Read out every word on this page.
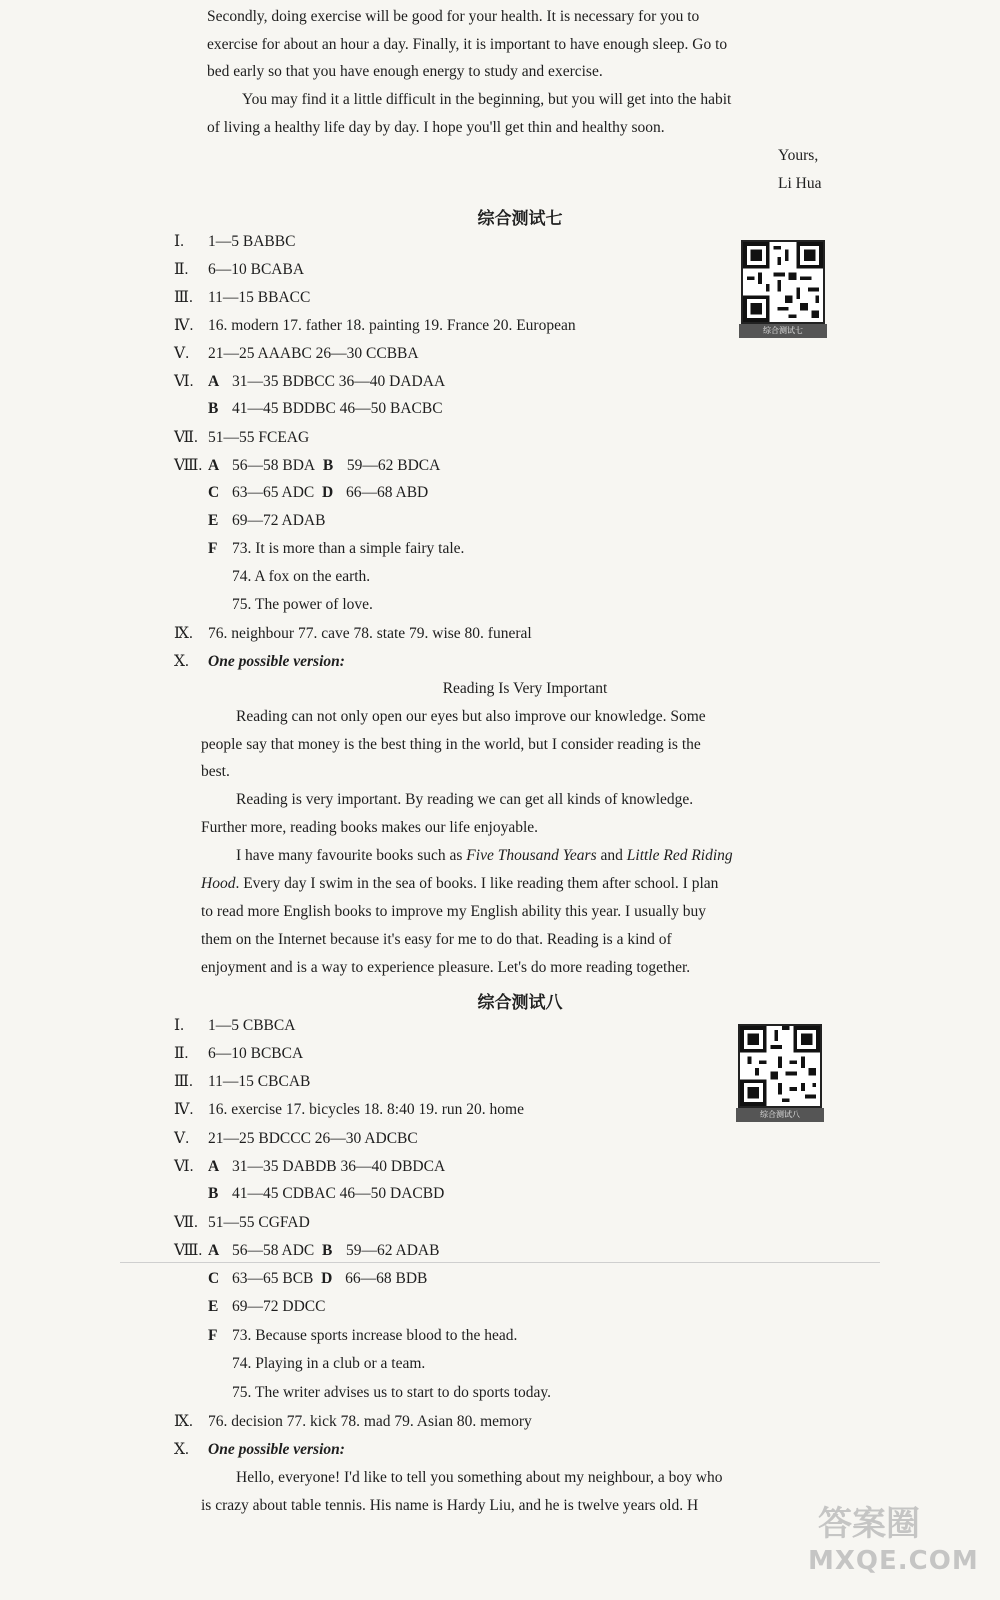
Secondly, doing exercise will be good for your health. It is necessary for you to
exercise for about an hour a day. Finally, it is important to have enough sleep. Go to
bed early so that you have enough energy to study and exercise.
You may find it a little difficult in the beginning, but you will get into the habit
of living a healthy life day by day. I hope you'll get thin and healthy soon.
Yours,
Li Hua
综合测试七
综合测试七
Ⅰ. 1—5 BABBC
Ⅱ. 6—10 BCABA
Ⅲ. 11—15 BBACC
Ⅳ. 16. modern 17. father 18. painting 19. France 20. European
Ⅴ. 21—25 AAABC 26—30 CCBBA
Ⅵ. A 31—35 BDBCC 36—40 DADAA
B 41—45 BDDBC 46—50 BACBC
Ⅶ. 51—55 FCEAG
Ⅷ. A 56—58 BDA B 59—62 BDCA
C 63—65 ADC D 66—68 ABD
E 69—72 ADAB
F 73. It is more than a simple fairy tale.
74. A fox on the earth.
75. The power of love.
Ⅸ. 76. neighbour 77. cave 78. state 79. wise 80. funeral
Ⅹ. One possible version:
Reading Is Very Important
Reading can not only open our eyes but also improve our knowledge. Some
people say that money is the best thing in the world, but I consider reading is the
best.
Reading is very important. By reading we can get all kinds of knowledge.
Further more, reading books makes our life enjoyable.
I have many favourite books such as Five Thousand Years and Little Red Riding
Hood. Every day I swim in the sea of books. I like reading them after school. I plan
to read more English books to improve my English ability this year. I usually buy
them on the Internet because it's easy for me to do that. Reading is a kind of
enjoyment and is a way to experience pleasure. Let's do more reading together.
综合测试八
综合测试八
Ⅰ. 1—5 CBBCA
Ⅱ. 6—10 BCBCA
Ⅲ. 11—15 CBCAB
Ⅳ. 16. exercise 17. bicycles 18. 8:40 19. run 20. home
Ⅴ. 21—25 BDCCC 26—30 ADCBC
Ⅵ. A 31—35 DABDB 36—40 DBDCA
B 41—45 CDBAC 46—50 DACBD
Ⅶ. 51—55 CGFAD
Ⅷ. A 56—58 ADC B 59—62 ADAB
C 63—65 BCB D 66—68 BDB
E 69—72 DDCC
F 73. Because sports increase blood to the head.
74. Playing in a club or a team.
75. The writer advises us to start to do sports today.
Ⅸ. 76. decision 77. kick 78. mad 79. Asian 80. memory
Ⅹ. One possible version:
Hello, everyone! I'd like to tell you something about my neighbour, a boy who
is crazy about table tennis. His name is Hardy Liu, and he is twelve years old. H	答案圈
MXQE.COM
